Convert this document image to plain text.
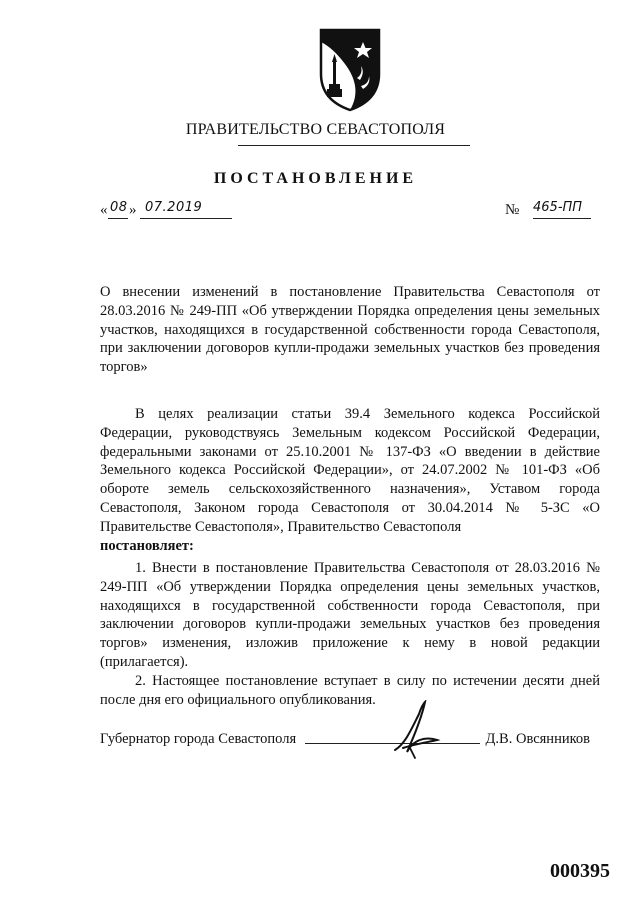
ПРАВИТЕЛЬСТВО СЕВАСТОПОЛЯ
ПОСТАНОВЛЕНИЕ
« 08 » 07.2019	№ 465-ПП

О внесении изменений в постановление Правительства Севастополя от 28.03.2016 № 249-ПП «Об утверждении Порядка определения цены земельных участков, находящихся в государственной собственности города Севастополя, при заключении договоров купли-продажи земельных участков без проведения торгов»

В целях реализации статьи 39.4 Земельного кодекса Российской Федерации, руководствуясь Земельным кодексом Российской Федерации, федеральными законами от 25.10.2001 № 137-ФЗ «О введении в действие Земельного кодекса Российской Федерации», от 24.07.2002 № 101-ФЗ «Об обороте земель сельскохозяйственного назначения», Уставом города Севастополя, Законом города Севастополя от 30.04.2014 № 5-ЗС «О Правительстве Севастополя», Правительство Севастополя

постановляет:

1. Внести в постановление Правительства Севастополя от 28.03.2016 № 249-ПП «Об утверждении Порядка определения цены земельных участков, находящихся в государственной собственности города Севастополя, при заключении договоров купли-продажи земельных участков без проведения торгов» изменения, изложив приложение к нему в новой редакции (прилагается).

2. Настоящее постановление вступает в силу по истечении десяти дней после дня его официального опубликования.

Губернатор города Севастополя	Д.В. Овсянников
000395
